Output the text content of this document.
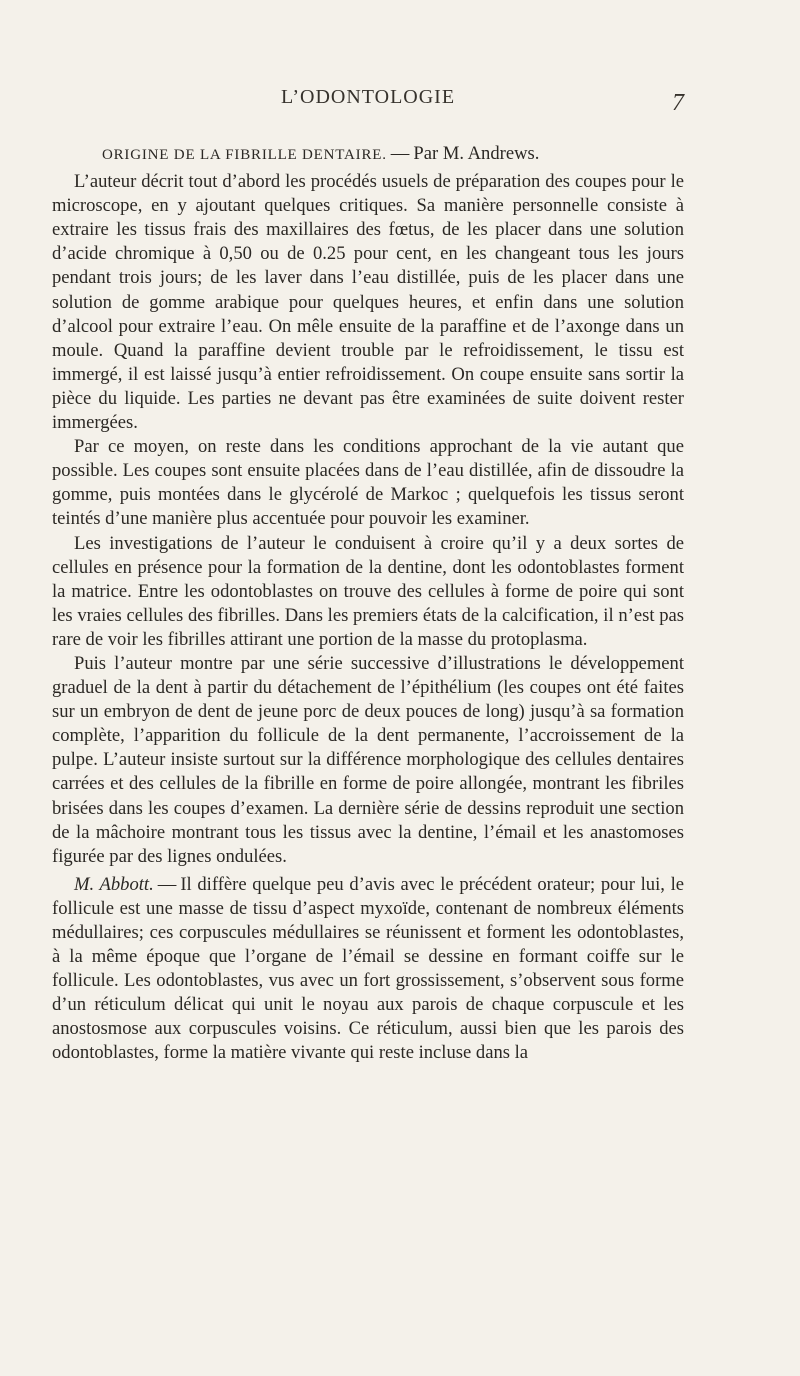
L’ODONTOLOGIE	7

ORIGINE DE LA FIBRILLE DENTAIRE. — Par M. Andrews.

L’auteur décrit tout d’abord les procédés usuels de préparation des coupes pour le microscope, en y ajoutant quelques critiques. Sa manière personnelle consiste à extraire les tissus frais des maxillaires des fœtus, de les placer dans une solution d’acide chromique à 0,50 ou de 0.25 pour cent, en les changeant tous les jours pendant trois jours; de les laver dans l’eau distillée, puis de les placer dans une solution de gomme arabique pour quelques heures, et enfin dans une solution d’alcool pour extraire l’eau. On mêle ensuite de la paraffine et de l’axonge dans un moule. Quand la paraffine devient trouble par le refroidissement, le tissu est immergé, il est laissé jusqu’à entier refroidissement. On coupe ensuite sans sortir la pièce du liquide. Les parties ne devant pas être examinées de suite doivent rester immergées.

Par ce moyen, on reste dans les conditions approchant de la vie autant que possible. Les coupes sont ensuite placées dans de l’eau distillée, afin de dissoudre la gomme, puis montées dans le glycérolé de Markoc ; quelquefois les tissus seront teintés d’une manière plus accentuée pour pouvoir les examiner.

Les investigations de l’auteur le conduisent à croire qu’il y a deux sortes de cellules en présence pour la formation de la dentine, dont les odontoblastes forment la matrice. Entre les odontoblastes on trouve des cellules à forme de poire qui sont les vraies cellules des fibrilles. Dans les premiers états de la calcification, il n’est pas rare de voir les fibrilles attirant une portion de la masse du protoplasma.

Puis l’auteur montre par une série successive d’illustrations le développement graduel de la dent à partir du détachement de l’épithélium (les coupes ont été faites sur un embryon de dent de jeune porc de deux pouces de long) jusqu’à sa formation complète, l’apparition du follicule de la dent permanente, l’accroissement de la pulpe. L’auteur insiste surtout sur la différence morphologique des cellules dentaires carrées et des cellules de la fibrille en forme de poire allongée, montrant les fibriles brisées dans les coupes d’examen. La dernière série de dessins reproduit une section de la mâchoire montrant tous les tissus avec la dentine, l’émail et les anastomoses figurée par des lignes ondulées.

M. Abbott. — Il diffère quelque peu d’avis avec le précédent orateur; pour lui, le follicule est une masse de tissu d’aspect myxoïde, contenant de nombreux éléments médullaires; ces corpuscules médullaires se réunissent et forment les odontoblastes, à la même époque que l’organe de l’émail se dessine en formant coiffe sur le follicule. Les odontoblastes, vus avec un fort grossissement, s’observent sous forme d’un réticulum délicat qui unit le noyau aux parois de chaque corpuscule et les anostosmose aux corpuscules voisins. Ce réticulum, aussi bien que les parois des odontoblastes, forme la matière vivante qui reste incluse dans la
